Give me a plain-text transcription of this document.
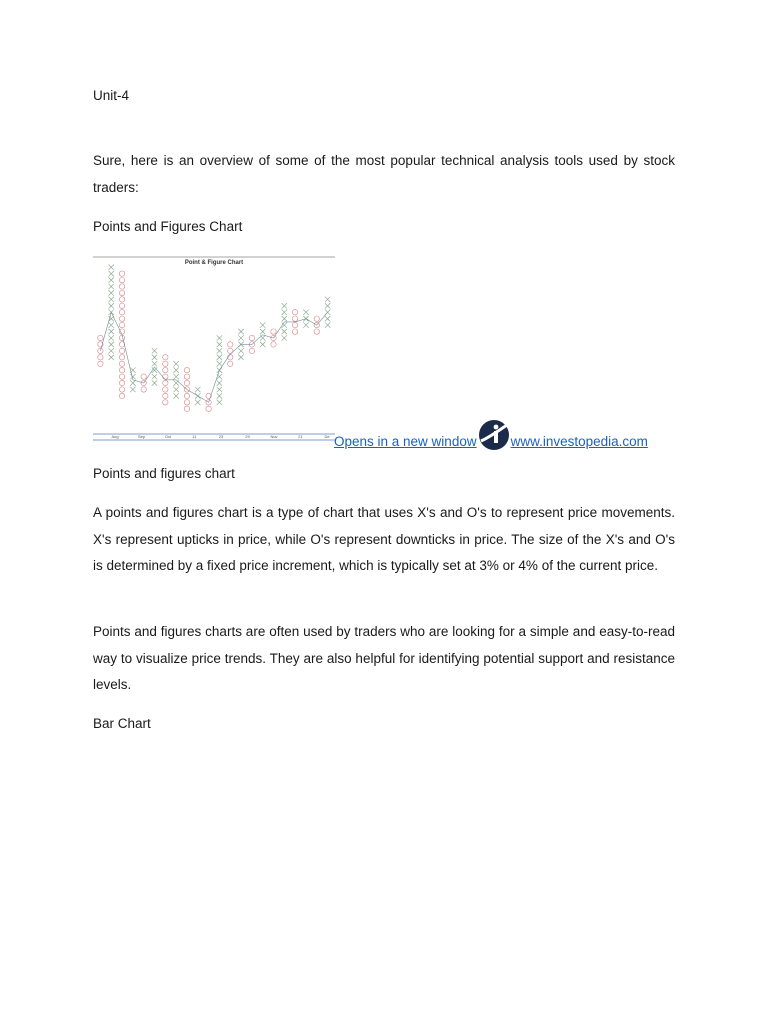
Unit-4

Sure, here is an overview of some of the most popular technical analysis tools used by stock traders:

Points and Figures Chart

Point & Figure Chart
Aug	Sep	Oct	11	23	29	Nov	21	De Opens in a new window	www.investopedia.com

Points and figures chart

A points and figures chart is a type of chart that uses X's and O's to represent price movements. X's represent upticks in price, while O's represent downticks in price. The size of the X's and O's is determined by a fixed price increment, which is typically set at 3% or 4% of the current price.

Points and figures charts are often used by traders who are looking for a simple and easy-to-read way to visualize price trends. They are also helpful for identifying potential support and resistance levels.

Bar Chart
